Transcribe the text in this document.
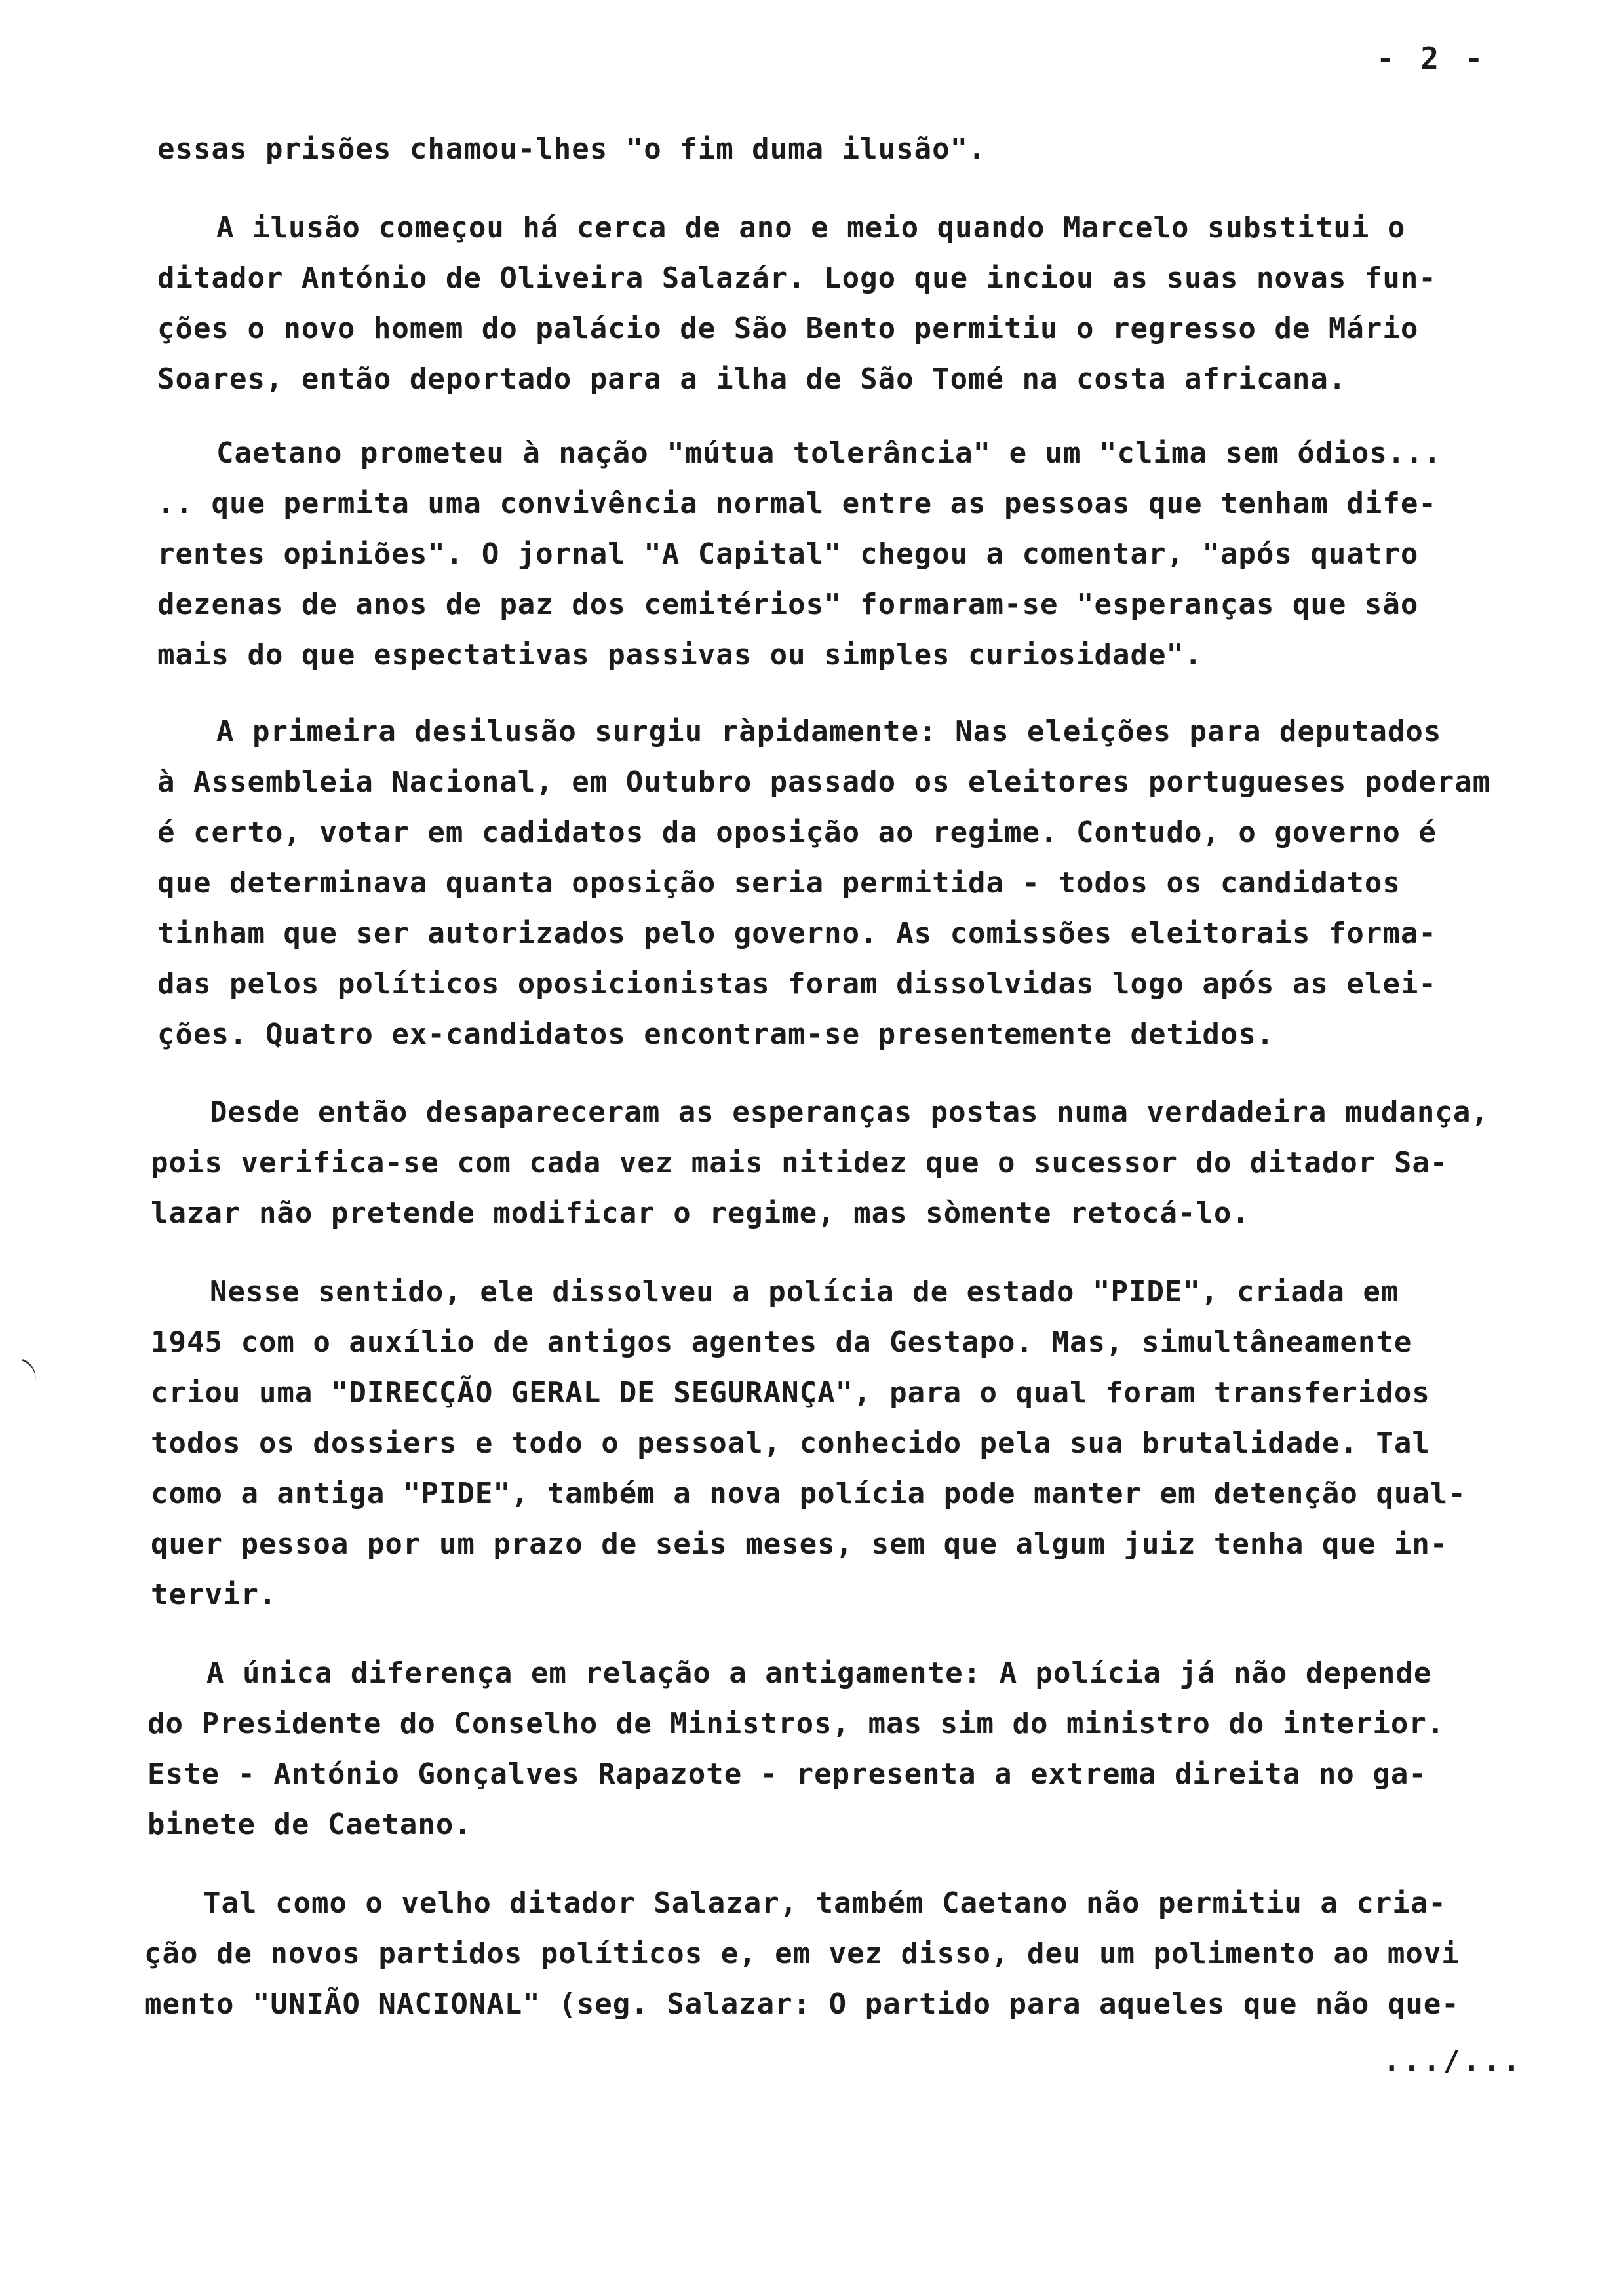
- 2 -
essas prisões chamou-lhes "o fim duma ilusão".
A ilusão começou há cerca de ano e meio quando Marcelo substitui o
ditador António de Oliveira Salazár. Logo que inciou as suas novas fun-
ções o novo homem do palácio de São Bento permitiu o regresso de Mário
Soares, então deportado para a ilha de São Tomé na costa africana.
Caetano prometeu à nação "mútua tolerância" e um "clima sem ódios...
.. que permita uma convivência normal entre as pessoas que tenham dife-
rentes opiniões". O jornal "A Capital" chegou a comentar, "após quatro
dezenas de anos de paz dos cemitérios" formaram-se "esperanças que são
mais do que espectativas passivas ou simples curiosidade".
A primeira desilusão surgiu ràpidamente: Nas eleições para deputados
à Assembleia Nacional, em Outubro passado os eleitores portugueses poderam
é certo, votar em cadidatos da oposição ao regime. Contudo, o governo é
que determinava quanta oposição seria permitida - todos os candidatos
tinham que ser autorizados pelo governo. As comissões eleitorais forma-
das pelos políticos oposicionistas foram dissolvidas logo após as elei-
ções. Quatro ex-candidatos encontram-se presentemente detidos.
Desde então desapareceram as esperanças postas numa verdadeira mudança,
pois verifica-se com cada vez mais nitidez que o sucessor do ditador Sa-
lazar não pretende modificar o regime, mas sòmente retocá-lo.
Nesse sentido, ele dissolveu a polícia de estado "PIDE", criada em
1945 com o auxílio de antigos agentes da Gestapo. Mas, simultâneamente
criou uma "DIRECÇÃO GERAL DE SEGURANÇA", para o qual foram transferidos
todos os dossiers e todo o pessoal, conhecido pela sua brutalidade. Tal
como a antiga "PIDE", também a nova polícia pode manter em detenção qual-
quer pessoa por um prazo de seis meses, sem que algum juiz tenha que in-
tervir.
A única diferença em relação a antigamente: A polícia já não depende
do Presidente do Conselho de Ministros, mas sim do ministro do interior.
Este - António Gonçalves Rapazote - representa a extrema direita no ga-
binete de Caetano.
Tal como o velho ditador Salazar, também Caetano não permitiu a cria-
ção de novos partidos políticos e, em vez disso, deu um polimento ao movi
mento "UNIÃO NACIONAL" (seg. Salazar: O partido para aqueles que não que-
.../...
